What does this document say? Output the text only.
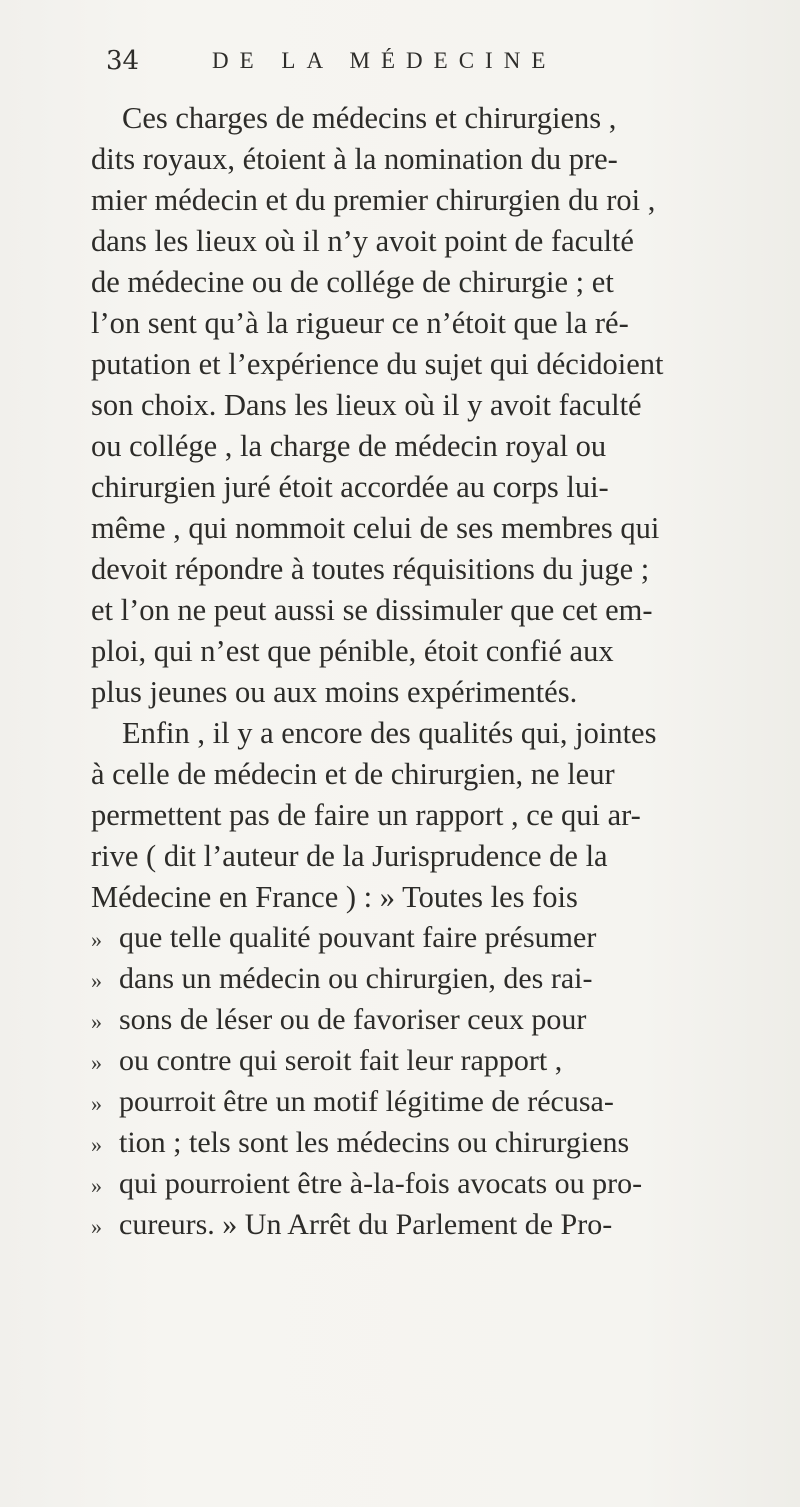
34	DE LA MÉDECINE
Ces charges de médecins et chirurgiens ,
dits royaux, étoient à la nomination du pre-
mier médecin et du premier chirurgien du roi ,
dans les lieux où il n’y avoit point de faculté
de médecine ou de collége de chirurgie ; et
l’on sent qu’à la rigueur ce n’étoit que la ré-
putation et l’expérience du sujet qui décidoient
son choix. Dans les lieux où il y avoit faculté
ou collége , la charge de médecin royal ou
chirurgien juré étoit accordée au corps lui-
même , qui nommoit celui de ses membres qui
devoit répondre à toutes réquisitions du juge ;
et l’on ne peut aussi se dissimuler que cet em-
ploi, qui n’est que pénible, étoit confié aux
plus jeunes ou aux moins expérimentés.
Enfin , il y a encore des qualités qui, jointes
à celle de médecin et de chirurgien, ne leur
permettent pas de faire un rapport , ce qui ar-
rive ( dit l’auteur de la Jurisprudence de la
Médecine en France ) : » Toutes les fois
» que telle qualité pouvant faire présumer
» dans un médecin ou chirurgien, des rai-
» sons de léser ou de favoriser ceux pour
» ou contre qui seroit fait leur rapport ,
» pourroit être un motif légitime de récusa-
» tion ; tels sont les médecins ou chirurgiens
» qui pourroient être à-la-fois avocats ou pro-
» cureurs. » Un Arrêt du Parlement de Pro-
